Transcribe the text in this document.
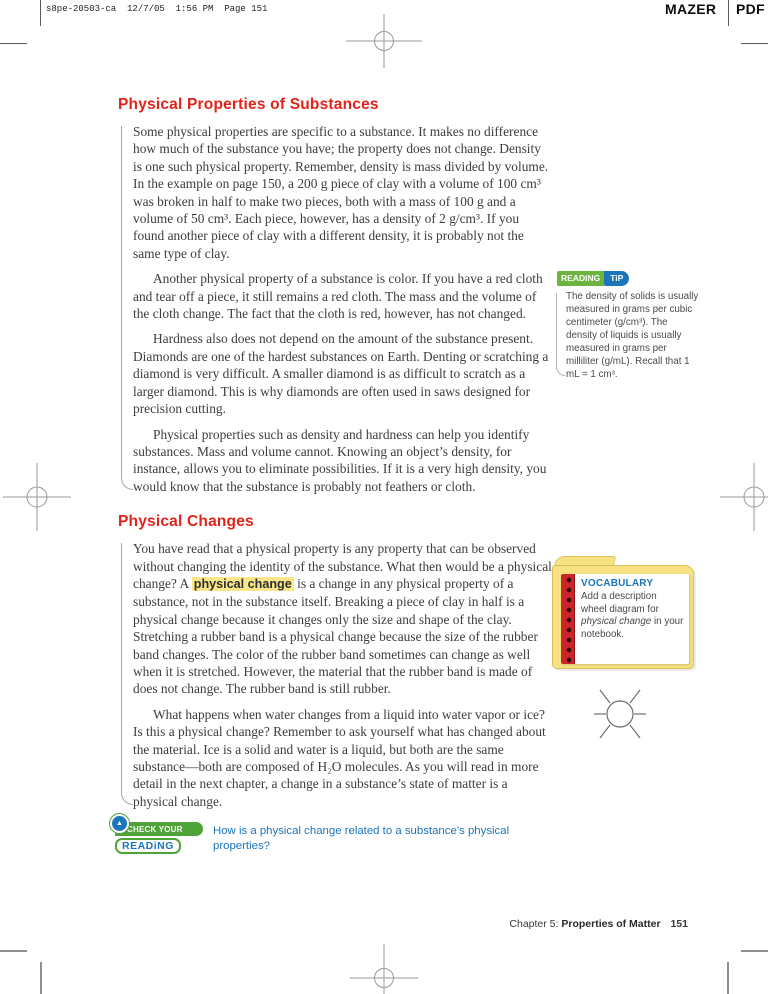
s8pe-20503-ca  12/7/05  1:56 PM  Page 151	MAZER PDF
Physical Properties of Substances

Some physical properties are specific to a substance. It makes no difference how much of the substance you have; the property does not change. Density is one such physical property. Remember, density is mass divided by volume. In the example on page 150, a 200 g piece of clay with a volume of 100 cm³ was broken in half to make two pieces, both with a mass of 100 g and a volume of 50 cm³. Each piece, however, has a density of 2 g/cm³. If you found another piece of clay with a different density, it is probably not the same type of clay.

Another physical property of a substance is color. If you have a red cloth and tear off a piece, it still remains a red cloth. The mass and the volume of the cloth change. The fact that the cloth is red, however, has not changed.

Hardness also does not depend on the amount of the substance present. Diamonds are one of the hardest substances on Earth. Denting or scratching a diamond is very difficult. A smaller diamond is as difficult to scratch as a larger diamond. This is why diamonds are often used in saws designed for precision cutting.

Physical properties such as density and hardness can help you identify substances. Mass and volume cannot. Knowing an object’s density, for instance, allows you to eliminate possibilities. If it is a very high density, you would know that the substance is probably not feathers or cloth.

Physical Changes

You have read that a physical property is any property that can be observed without changing the identity of the substance. What then would be a physical change? A physical change is a change in any physical property of a substance, not in the substance itself. Breaking a piece of clay in half is a physical change because it changes only the size and shape of the clay. Stretching a rubber band is a physical change because the size of the rubber band changes. The color of the rubber band sometimes can change as well when it is stretched. However, the material that the rubber band is made of does not change. The rubber band is still rubber.

What happens when water changes from a liquid into water vapor or ice? Is this a physical change? Remember to ask yourself what has changed about the material. Ice is a solid and water is a liquid, but both are the same substance—both are composed of H₂O molecules. As you will read in more detail in the next chapter, a change in a substance’s state of matter is a physical change.

▲
CHECK YOUR
READiNG
How is a physical change related to a substance’s physical properties?
READING	TiP
The density of solids is usually measured in grams per cubic centimeter (g/cm³). The density of liquids is usually measured in grams per milliliter (g/mL). Recall that 1 mL = 1 cm³.

VOCABULARY

Add a description wheel diagram for physical change in your notebook.

Chapter 5: Properties of Matter 151
